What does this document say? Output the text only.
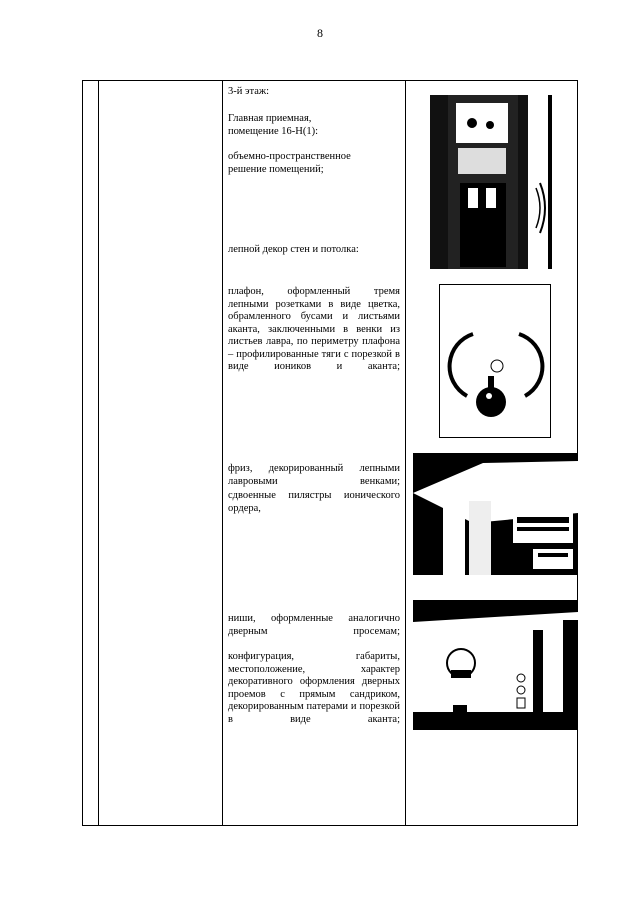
8
3-й этаж:
Главная приемная,
помещение 16-Н(1):
объемно-пространственное
решение помещений;
лепной декор стен и потолка:
плафон, оформленный тремя лепными розетками в виде цветка, обрамленного бусами и листьями аканта, заключенными в венки из листьев лавра, по периметру плафона – профилированные тяги с порезкой в виде иоников и аканта;
фриз, декорированный лепными лавровыми венками;
сдвоенные пилястры ионического ордера,
ниши, оформленные аналогично дверным просемам;
конфигурация, габариты, местоположение, характер декоративного оформления дверных проемов с прямым сандриком, декорированным патерами и порезкой в виде аканта;
